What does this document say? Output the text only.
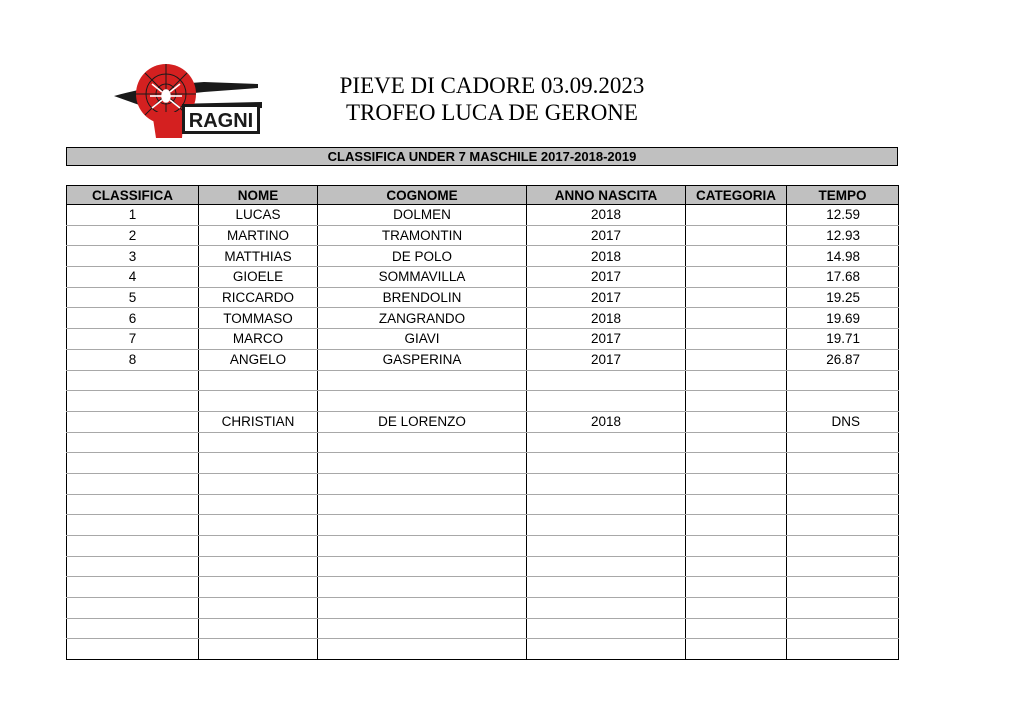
RAGNI
PIEVE DI CADORE 03.09.2023
TROFEO LUCA DE GERONE
CLASSIFICA UNDER 7 MASCHILE 2017-2018-2019
CLASSIFICA	NOME	COGNOME	ANNO NASCITA	CATEGORIA	TEMPO
1	LUCAS	DOLMEN	2018		12.59
2	MARTINO	TRAMONTIN	2017		12.93
3	MATTHIAS	DE POLO	2018		14.98
4	GIOELE	SOMMAVILLA	2017		17.68
5	RICCARDO	BRENDOLIN	2017		19.25
6	TOMMASO	ZANGRANDO	2018		19.69
7	MARCO	GIAVI	2017		19.71
8	ANGELO	GASPERINA	2017		26.87

	CHRISTIAN	DE LORENZO	2018		DNS
